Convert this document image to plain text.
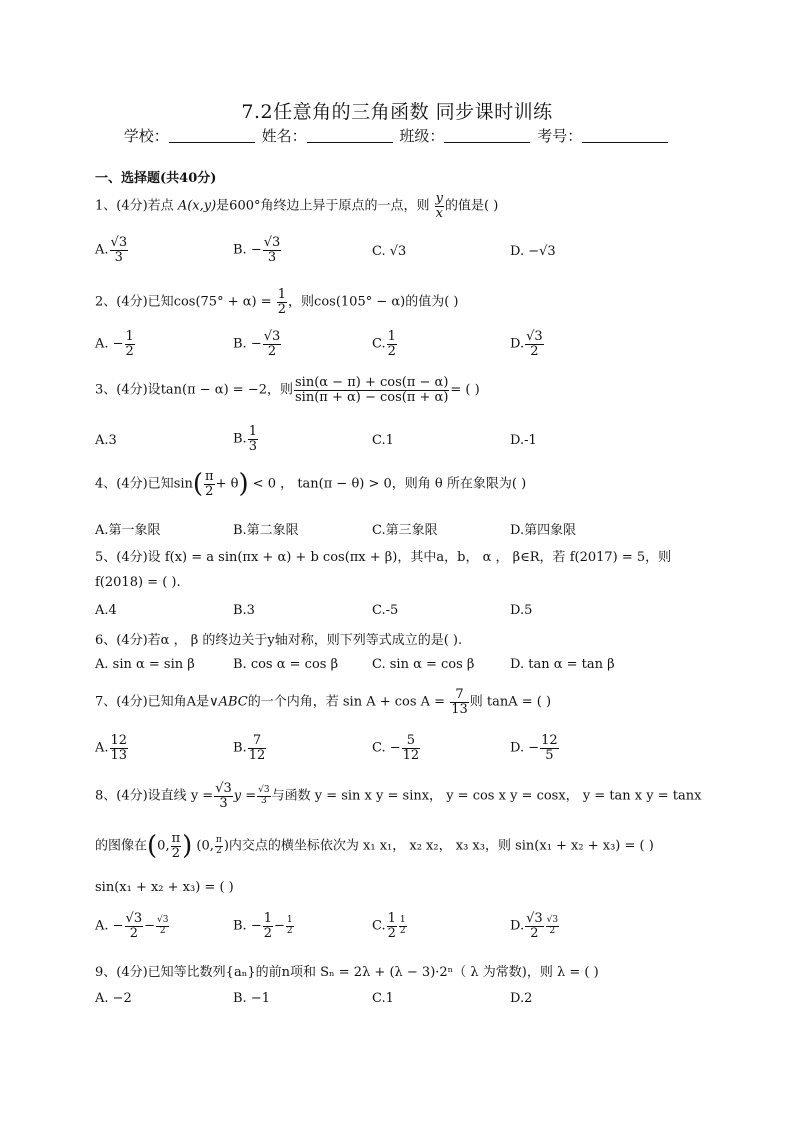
7.2任意角的三角函数 同步课时训练
学校：	姓名：	班级：	考号：
一、选择题(共40分)
1、(4分)若点 A(x,y)是600°角终边上异于原点的一点，则 $\frac{y}{x}$ 的值是( )
A. $\frac{√3}{3}$	B. − $\frac{√3}{3}$	C. √3	D. −√3
2、(4分)已知$\cos(75^\circ + \alpha) = \frac{1}{2}$ ，则cos(105° − α)的值为( )
A. − $\frac{1}{2}$	B. − $\frac{√3}{2}$	C. $\frac{1}{2}$	D. $\frac{√3}{2}$
3、(4分)设tan(π − α) = −2，则 $\frac{\sin(\alpha - \pi) + \cos(\pi - \alpha)}{\sin(\pi + \alpha) - \cos(\pi + \alpha)}$ = ( )
A.3	B. $\frac{1}{3}$	C.1	D.-1
4、(4分)已知$\sin( \frac{\pi}{2} + \theta) < 0$ ， tan(π − θ) > 0，则角 θ 所在象限为( )
A.第一象限	B.第二象限	C.第三象限	D.第四象限
5、(4分)设 f(x) = a sin(πx + α) + b cos(πx + β)，其中a，b， α ， β∈R，若 f(2017) = 5，则
f(2018) = ( ).
A.4	B.3	C.-5	D.5
6、(4分)若α ， β 的终边关于y轴对称，则下列等式成立的是( ).
A. sin α = sin β	B. cos α = cos β	C. sin α = cos β	D. tan α = tan β
7、(4分)已知角A是∨ABC的一个内角，若 $\sin A + \cos A = \frac{7}{13}$ 则 tanA = ( )
A. $\frac{12}{13}$	B. $\frac{7}{12}$	C. − $\frac{5}{12}$	D. − $\frac{12}{5}$
8、(4分)设直线 $y = \frac{√3}{3}$ $y = \frac{√3}{3}$ 与函数 y = sin x y = sinx， y = cos x y = cosx， y = tan x y = tanx
的图像在(0, $\frac{\pi}{2}$ ) (0, $\frac{\pi}{2}$ )内交点的横坐标依次为 x₁ x₁， x₂ x₂， x₃ x₃，则 sin(x₁ + x₂ + x₃) = ( )
sin(x₁ + x₂ + x₃) = ( )
A. − $\frac{√3}{2} - \frac{√3}{2}$	B. − $\frac{1}{2} - \frac{1}{2}$	C. $\frac{1}{2} \frac{1}{2}$	D. $\frac{√3}{2} \frac{√3}{2}$
9、(4分)已知等比数列{aₙ}的前n项和 Sₙ = 2λ + (λ − 3)·2ⁿ（ λ 为常数)，则 λ = ( )
A. −2	B. −1	C.1	D.2
